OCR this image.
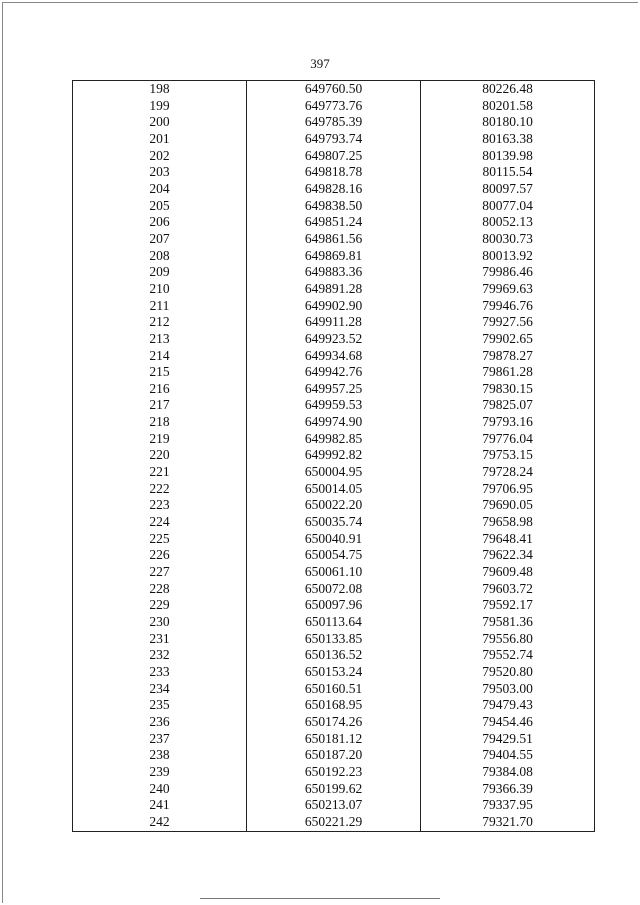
397
198	649760.50	80226.48
199	649773.76	80201.58
200	649785.39	80180.10
201	649793.74	80163.38
202	649807.25	80139.98
203	649818.78	80115.54
204	649828.16	80097.57
205	649838.50	80077.04
206	649851.24	80052.13
207	649861.56	80030.73
208	649869.81	80013.92
209	649883.36	79986.46
210	649891.28	79969.63
211	649902.90	79946.76
212	649911.28	79927.56
213	649923.52	79902.65
214	649934.68	79878.27
215	649942.76	79861.28
216	649957.25	79830.15
217	649959.53	79825.07
218	649974.90	79793.16
219	649982.85	79776.04
220	649992.82	79753.15
221	650004.95	79728.24
222	650014.05	79706.95
223	650022.20	79690.05
224	650035.74	79658.98
225	650040.91	79648.41
226	650054.75	79622.34
227	650061.10	79609.48
228	650072.08	79603.72
229	650097.96	79592.17
230	650113.64	79581.36
231	650133.85	79556.80
232	650136.52	79552.74
233	650153.24	79520.80
234	650160.51	79503.00
235	650168.95	79479.43
236	650174.26	79454.46
237	650181.12	79429.51
238	650187.20	79404.55
239	650192.23	79384.08
240	650199.62	79366.39
241	650213.07	79337.95
242	650221.29	79321.70
